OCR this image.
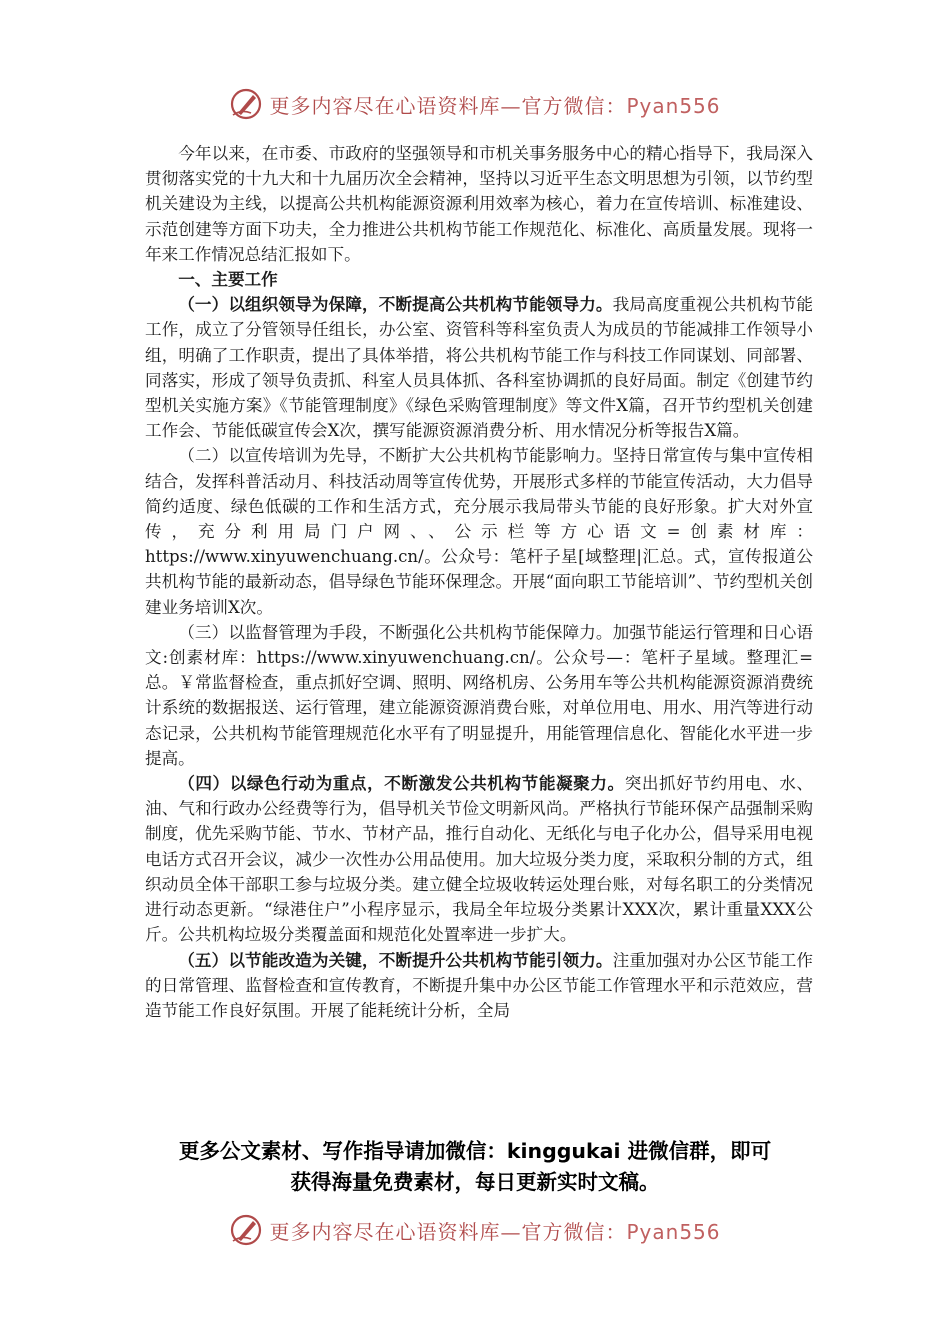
更多内容尽在心语资料库—官方微信：Pyan556

今年以来，在市委、市政府的坚强领导和市机关事务服务中心的精心指导下，我局深入贯彻落实党的十九大和十九届历次全会精神，坚持以习近平生态文明思想为引领，以节约型机关建设为主线，以提高公共机构能源资源利用效率为核心，着力在宣传培训、标准建设、示范创建等方面下功夫，全力推进公共机构节能工作规范化、标准化、高质量发展。现将一年来工作情况总结汇报如下。

一、主要工作

（一）以组织领导为保障，不断提高公共机构节能领导力。我局高度重视公共机构节能工作，成立了分管领导任组长，办公室、资管科等科室负责人为成员的节能减排工作领导小组，明确了工作职责，提出了具体举措，将公共机构节能工作与科技工作同谋划、同部署、同落实，形成了领导负责抓、科室人员具体抓、各科室协调抓的良好局面。制定《创建节约型机关实施方案》《节能管理制度》《绿色采购管理制度》等文件X篇，召开节约型机关创建工作会、节能低碳宣传会X次，撰写能源资源消费分析、用水情况分析等报告X篇。

（二）以宣传培训为先导，不断扩大公共机构节能影响力。坚持日常宣传与集中宣传相结合，发挥科普活动月、科技活动周等宣传优势，开展形式多样的节能宣传活动，大力倡导简约适度、绿色低碳的工作和生活方式，充分展示我局带头节能的良好形象。扩大对外宣传，充分利用局门户网、、公示栏等方心语文=创素材库：https://www.xinyuwenchuang.cn/。公众号：笔杆子星[域整理|汇总。式，宣传报道公共机构节能的最新动态，倡导绿色节能环保理念。开展“面向职工节能培训”、节约型机关创建业务培训X次。

（三）以监督管理为手段，不断强化公共机构节能保障力。加强节能运行管理和日心语文:创素材库：https://www.xinyuwenchuang.cn/。公众号—：笔杆子星域。整理汇=总。￥常监督检查，重点抓好空调、照明、网络机房、公务用车等公共机构能源资源消费统计系统的数据报送、运行管理，建立能源资源消费台账，对单位用电、用水、用汽等进行动态记录，公共机构节能管理规范化水平有了明显提升，用能管理信息化、智能化水平进一步提高。

（四）以绿色行动为重点，不断激发公共机构节能凝聚力。突出抓好节约用电、水、油、气和行政办公经费等行为，倡导机关节俭文明新风尚。严格执行节能环保产品强制采购制度，优先采购节能、节水、节材产品，推行自动化、无纸化与电子化办公，倡导采用电视电话方式召开会议，减少一次性办公用品使用。加大垃圾分类力度，采取积分制的方式，组织动员全体干部职工参与垃圾分类。建立健全垃圾收转运处理台账，对每名职工的分类情况进行动态更新。“绿港住户”小程序显示，我局全年垃圾分类累计XXX次，累计重量XXX公斤。公共机构垃圾分类覆盖面和规范化处置率进一步扩大。

（五）以节能改造为关键，不断提升公共机构节能引领力。注重加强对办公区节能工作的日常管理、监督检查和宣传教育，不断提升集中办公区节能工作管理水平和示范效应，营造节能工作良好氛围。开展了能耗统计分析，全局

更多公文素材、写作指导请加微信：kinggukai 进微信群，即可
获得海量免费素材，每日更新实时文稿。
更多内容尽在心语资料库—官方微信：Pyan556
